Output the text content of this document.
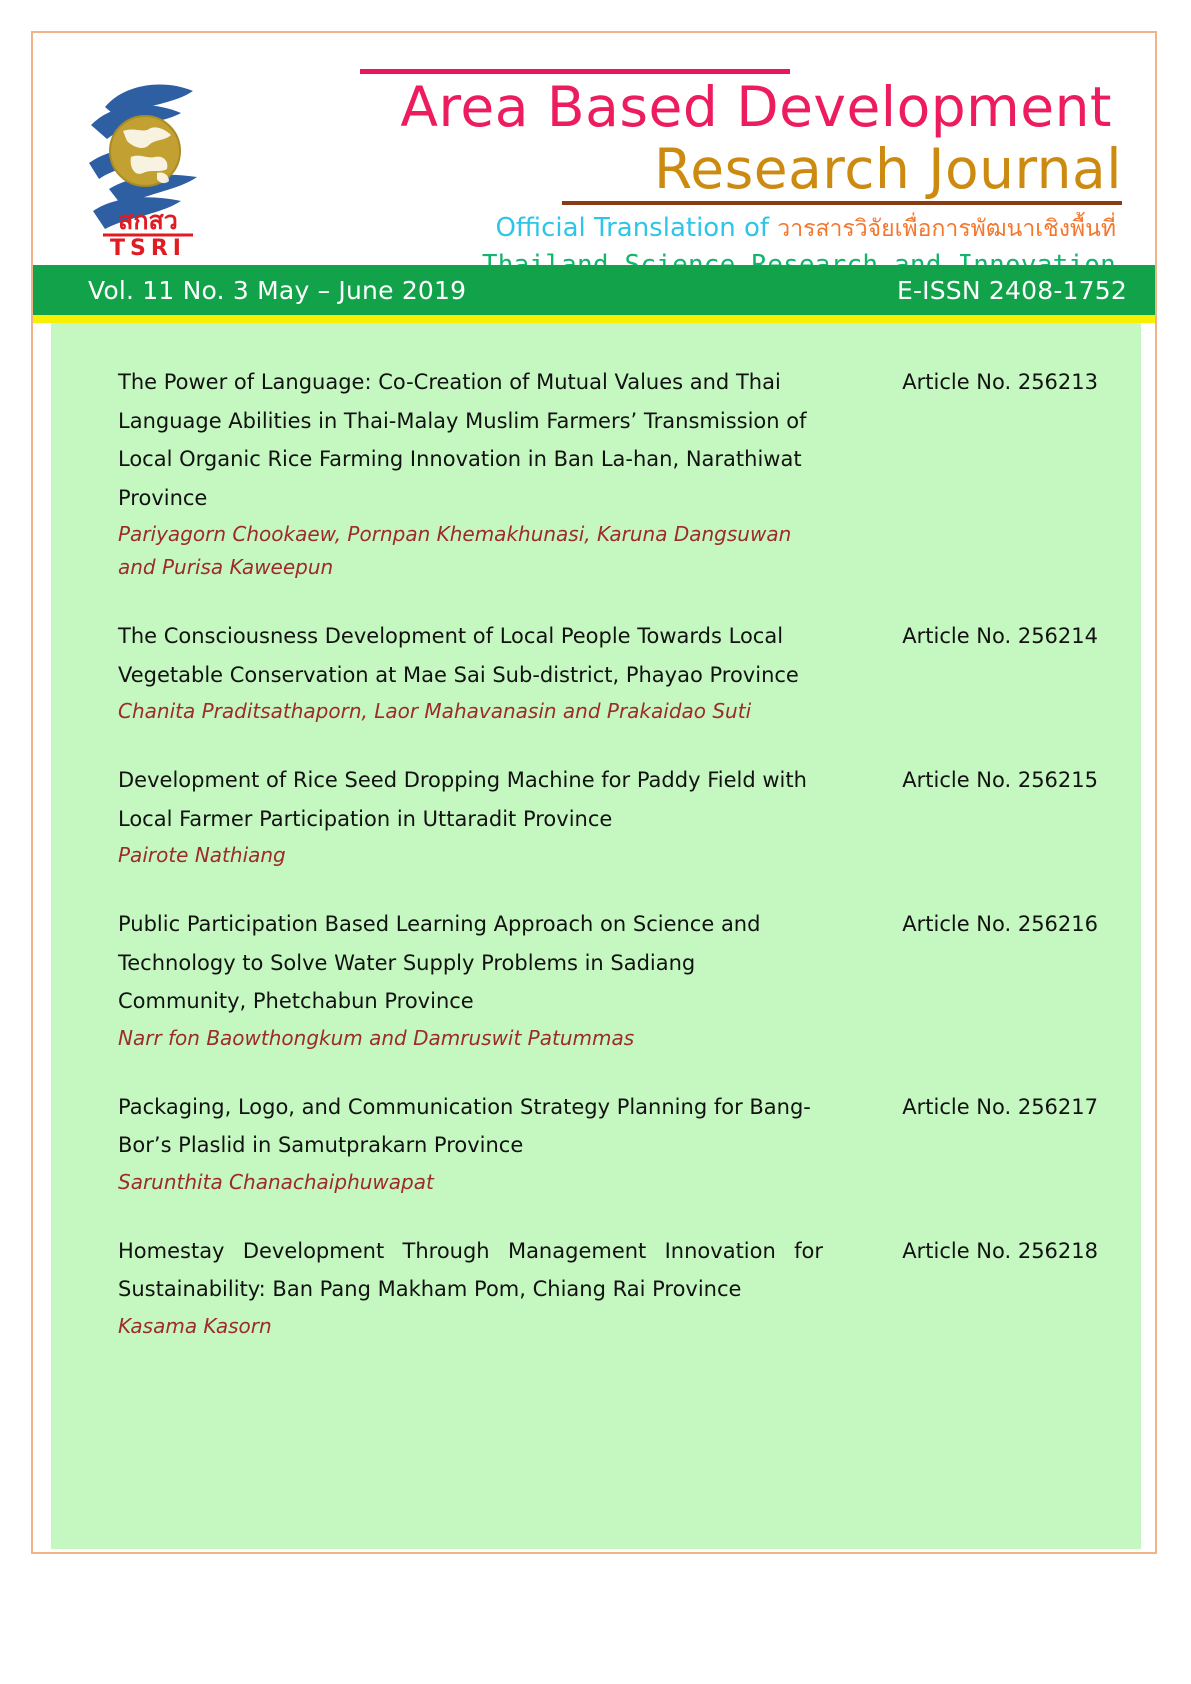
สกสว
TSRI
Area Based Development
Research Journal
Official Translation of วารสารวิจัยเพื่อการพัฒนาเชิงพื้นที่
Vol. 11 No. 3 May – June 2019	E-ISSN 2408-1752
The Power of Language: Co-Creation of Mutual Values and Thai Language Abilities in Thai-Malay Muslim Farmers’ Transmission of Local Organic Rice Farming Innovation in Ban La-han, Narathiwat Province
Pariyagorn Chookaew, Pornpan Khemakhunasi, Karuna Dangsuwan and Purisa Kaweepun
Article No. 256213
The Consciousness Development of Local People Towards Local Vegetable Conservation at Mae Sai Sub-district, Phayao Province
Chanita Praditsathaporn, Laor Mahavanasin and Prakaidao Suti
Article No. 256214
Development of Rice Seed Dropping Machine for Paddy Field with Local Farmer Participation in Uttaradit Province
Pairote Nathiang
Article No. 256215
Public Participation Based Learning Approach on Science and Technology to Solve Water Supply Problems in Sadiang Community, Phetchabun Province
Narr fon Baowthongkum and Damruswit Patummas
Article No. 256216
Packaging, Logo, and Communication Strategy Planning for Bang-Bor’s Plaslid in Samutprakarn Province
Sarunthita Chanachaiphuwapat
Article No. 256217
Homestay Development Through Management Innovation for Sustainability: Ban Pang Makham Pom, Chiang Rai Province
Kasama Kasorn
Article No. 256218
